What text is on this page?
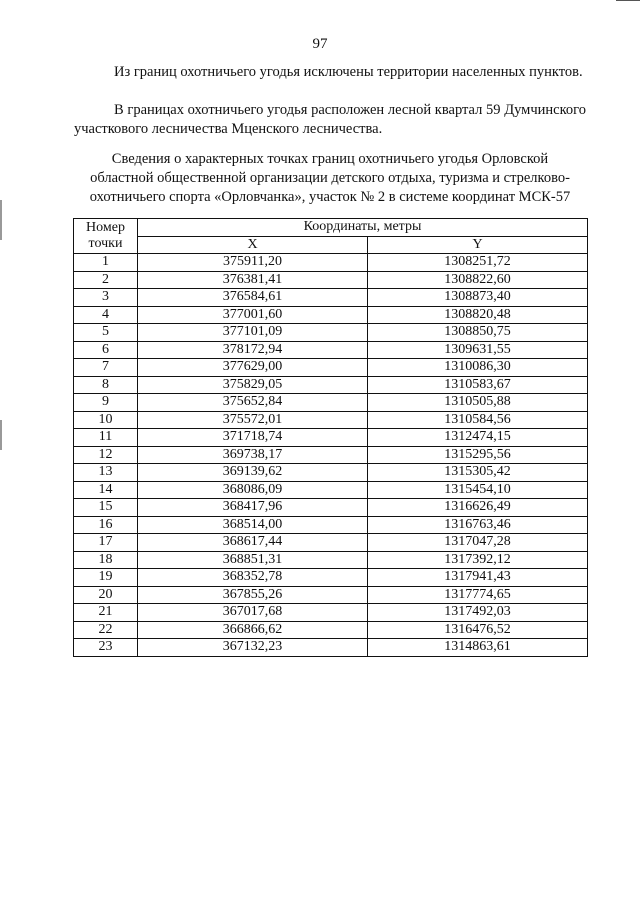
97
Из границ охотничьего угодья исключены территории населенных пунктов.
В границах охотничьего угодья расположен лесной квартал 59 Думчинского участкового лесничества Мценского лесничества.
Сведения о характерных точках границ охотничьего угодья Орловской
областной общественной организации детского отдыха, туризма и стрелково-
охотничьего спорта «Орловчанка», участок № 2 в системе координат МСК-57
Номер точки	Координаты, метры	
	X	Y
1	375911,20	1308251,72
2	376381,41	1308822,60
3	376584,61	1308873,40
4	377001,60	1308820,48
5	377101,09	1308850,75
6	378172,94	1309631,55
7	377629,00	1310086,30
8	375829,05	1310583,67
9	375652,84	1310505,88
10	375572,01	1310584,56
11	371718,74	1312474,15
12	369738,17	1315295,56
13	369139,62	1315305,42
14	368086,09	1315454,10
15	368417,96	1316626,49
16	368514,00	1316763,46
17	368617,44	1317047,28
18	368851,31	1317392,12
19	368352,78	1317941,43
20	367855,26	1317774,65
21	367017,68	1317492,03
22	366866,62	1316476,52
23	367132,23	1314863,61
